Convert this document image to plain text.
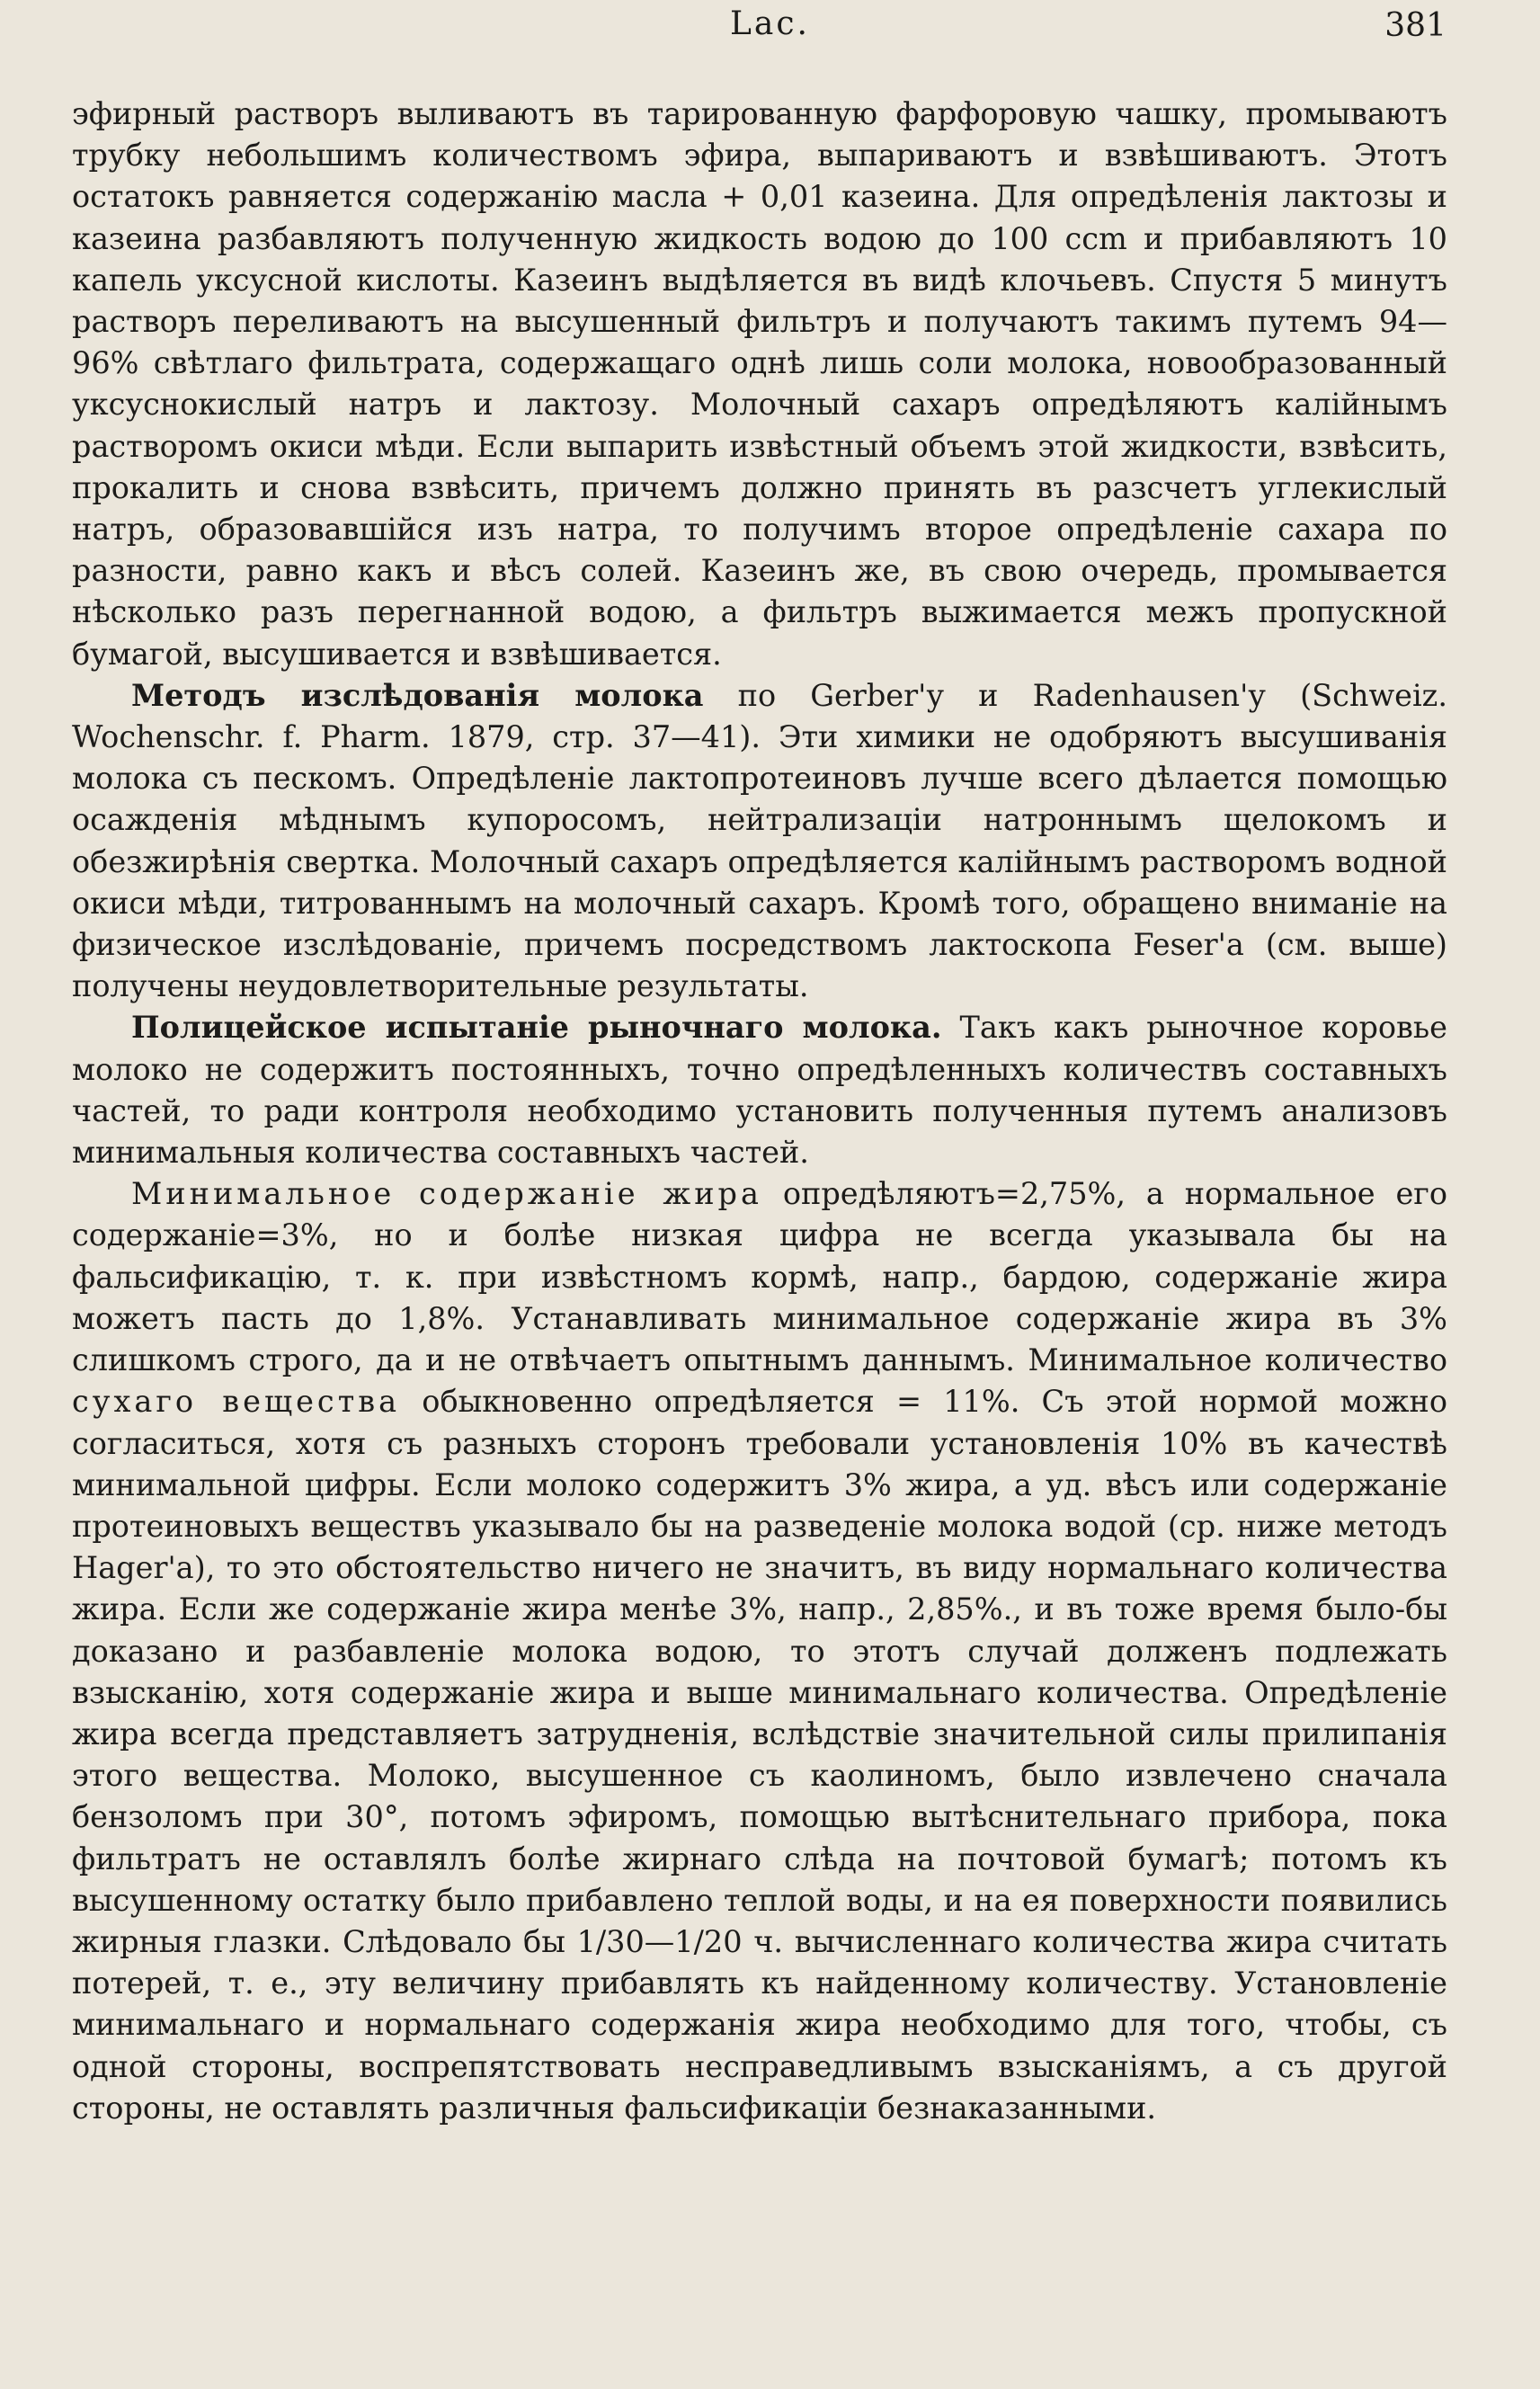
Lac.	381

эфирный растворъ выливаютъ въ тарированную фарфоровую чашку, промываютъ трубку небольшимъ количествомъ эфира, выпариваютъ и взвѣшиваютъ. Этотъ остатокъ равняется содержанію масла + 0,01 казеина. Для опредѣленія лактозы и казеина разбавляютъ полученную жидкость водою до 100 ccm и прибавляютъ 10 капель уксусной кислоты. Казеинъ выдѣляется въ видѣ клочьевъ. Спустя 5 минутъ растворъ переливаютъ на высушенный фильтръ и получаютъ такимъ путемъ 94—96% свѣтлаго фильтрата, содержащаго однѣ лишь соли молока, новообразованный уксуснокислый натръ и лактозу. Молочный сахаръ опредѣляютъ калійнымъ растворомъ окиси мѣди. Если выпарить извѣстный объемъ этой жидкости, взвѣсить, прокалить и снова взвѣсить, причемъ должно принять въ разсчетъ углекислый натръ, образовавшійся изъ натра, то получимъ второе опредѣленіе сахара по разности, равно какъ и вѣсъ солей. Казеинъ же, въ свою очередь, промывается нѣсколько разъ перегнанной водою, а фильтръ выжимается межъ пропускной бумагой, высушивается и взвѣшивается.

Методъ изслѣдованія молока по Gerber'у и Radenhausen'у (Schweiz. Wochenschr. f. Pharm. 1879, стр. 37—41). Эти химики не одобряютъ высушиванія молока съ пескомъ. Опредѣленіе лактопротеиновъ лучше всего дѣлается помощью осажденія мѣднымъ купоросомъ, нейтрализаціи натроннымъ щелокомъ и обезжирѣнія свертка. Молочный сахаръ опредѣляется калійнымъ растворомъ водной окиси мѣди, титрованнымъ на молочный сахаръ. Кромѣ того, обращено вниманіе на физическое изслѣдованіе, причемъ посредствомъ лактоскопа Feser'а (см. выше) получены неудовлетворительные результаты.

Полицейское испытаніе рыночнаго молока. Такъ какъ рыночное коровье молоко не содержитъ постоянныхъ, точно опредѣленныхъ количествъ составныхъ частей, то ради контроля необходимо установить полученныя путемъ анализовъ минимальныя количества составныхъ частей.

Минимальное содержаніе жира опредѣляютъ=2,75%, а нормальное его содержаніе=3%, но и болѣе низкая цифра не всегда указывала бы на фальсификацію, т. к. при извѣстномъ кормѣ, напр., бардою, содержаніе жира можетъ пасть до 1,8%. Устанавливать минимальное содержаніе жира въ 3% слишкомъ строго, да и не отвѣчаетъ опытнымъ даннымъ. Минимальное количество сухаго вещества обыкновенно опредѣляется = 11%. Съ этой нормой можно согласиться, хотя съ разныхъ сторонъ требовали установленія 10% въ качествѣ минимальной цифры. Если молоко содержитъ 3% жира, а уд. вѣсъ или содержаніе протеиновыхъ веществъ указывало бы на разведеніе молока водой (ср. ниже методъ Hager'а), то это обстоятельство ничего не значитъ, въ виду нормальнаго количества жира. Если же содержаніе жира менѣе 3%, напр., 2,85%., и въ тоже время было-бы доказано и разбавленіе молока водою, то этотъ случай долженъ подлежать взысканію, хотя содержаніе жира и выше минимальнаго количества. Опредѣленіе жира всегда представляетъ затрудненія, вслѣдствіе значительной силы прилипанія этого вещества. Молоко, высушенное съ каолиномъ, было извлечено сначала бензоломъ при 30°, потомъ эфиромъ, помощью вытѣснительнаго прибора, пока фильтратъ не оставлялъ болѣе жирнаго слѣда на почтовой бумагѣ; потомъ къ высушенному остатку было прибавлено теплой воды, и на ея поверхности появились жирныя глазки. Слѣдовало бы 1/30—1/20 ч. вычисленнаго количества жира считать потерей, т. е., эту величину прибавлять къ найденному количеству. Установленіе минимальнаго и нормальнаго содержанія жира необходимо для того, чтобы, съ одной стороны, воспрепятствовать несправедливымъ взысканіямъ, а съ другой стороны, не оставлять различныя фальсификаціи безнаказанными.
